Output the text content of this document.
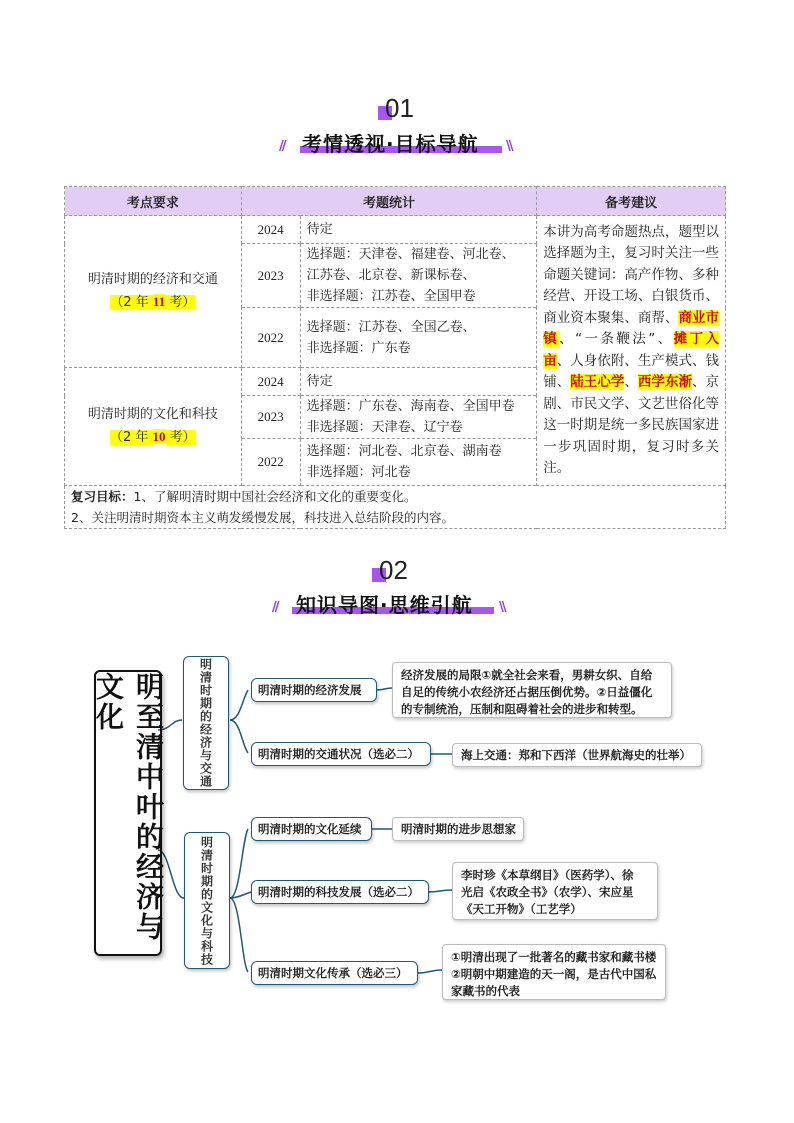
01
//	\\
考情透视·目标导航
考点要求	考题统计		备考建议

明清时期的经济和交通
（2 年 11 考）	2024	待定	本讲为高考命题热点，题型以选择题为主，复习时关注一些命题关键词：高产作物、多种经营、开设工场、白银货币、商业资本聚集、商帮、商业市镇、“一条鞭法”、摊丁入亩、人身依附、生产模式、钱铺、陆王心学、西学东渐、京剧、市民文学、文艺世俗化等这一时期是统一多民族国家进一步巩固时期，复习时多关注。
	2023	选择题：天津卷、福建卷、河北卷、
江苏卷、北京卷、新课标卷、
非选择题：江苏卷、全国甲卷	

	2022	选择题：江苏卷、全国乙卷、
非选择题：广东卷	

明清时期的文化和科技
（2 年 10 考）	2024	待定	

	2023	选择题：广东卷、海南卷、全国甲卷
非选择题：天津卷、辽宁卷	

	2022	选择题：河北卷、北京卷、湖南卷
非选择题：河北卷	

复习目标：1、了解明清时期中国社会经济和文化的重要变化。
2、关注明清时期资本主义萌发缓慢发展，科技进入总结阶段的内容。			
02
//	\\
知识导图·思维引航
明至清中叶的经济与文化	明清时期的经济与交通
明清时期的文化与科技
明清时期的经济发展
明清时期的交通状况（选必二）
明清时期的文化延续
明清时期的科技发展（选必二）
明清时期文化传承（选必三）
经济发展的局限①就全社会来看，男耕女织、自给
自足的传统小农经济还占据压倒优势。②日益僵化
的专制统治，压制和阻碍着社会的进步和转型。
海上交通：郑和下西洋（世界航海史的壮举）
明清时期的进步思想家
李时珍《本草纲目》（医药学）、徐
光启《农政全书》（农学）、宋应星
《天工开物》（工艺学）
①明清出现了一批著名的藏书家和藏书楼
②明朝中期建造的天一阁，是古代中国私
家藏书的代表
